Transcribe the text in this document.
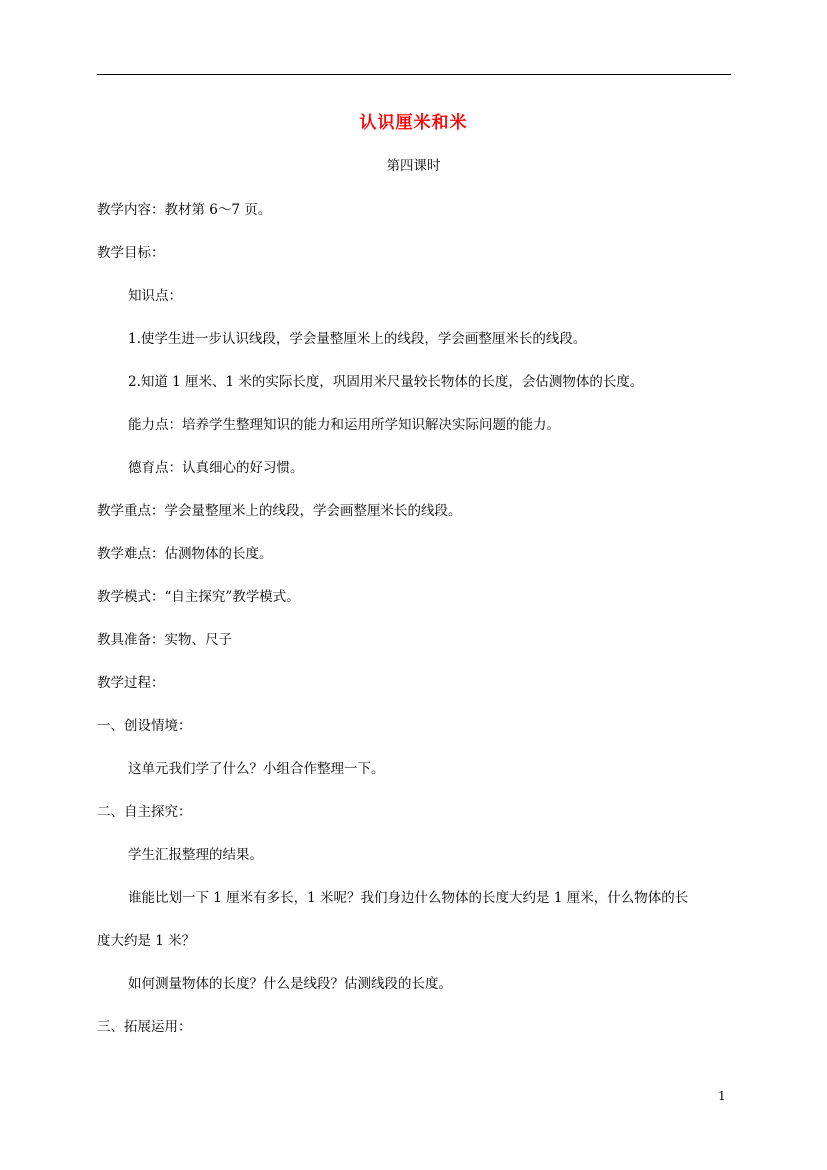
认识厘米和米
第四课时
教学内容：教材第 6～7 页。
教学目标：
知识点：
1.使学生进一步认识线段，学会量整厘米上的线段，学会画整厘米长的线段。
2.知道 1 厘米、1 米的实际长度，巩固用米尺量较长物体的长度，会估测物体的长度。
能力点：培养学生整理知识的能力和运用所学知识解决实际问题的能力。
德育点：认真细心的好习惯。
教学重点：学会量整厘米上的线段，学会画整厘米长的线段。
教学难点：估测物体的长度。
教学模式：“自主探究”教学模式。
教具准备：实物、尺子
教学过程：
一、创设情境：
这单元我们学了什么？小组合作整理一下。
二、自主探究：
学生汇报整理的结果。
谁能比划一下 1 厘米有多长，1 米呢？我们身边什么物体的长度大约是 1 厘米，什么物体的长
度大约是 1 米？
如何测量物体的长度？什么是线段？估测线段的长度。
三、拓展运用：
1
